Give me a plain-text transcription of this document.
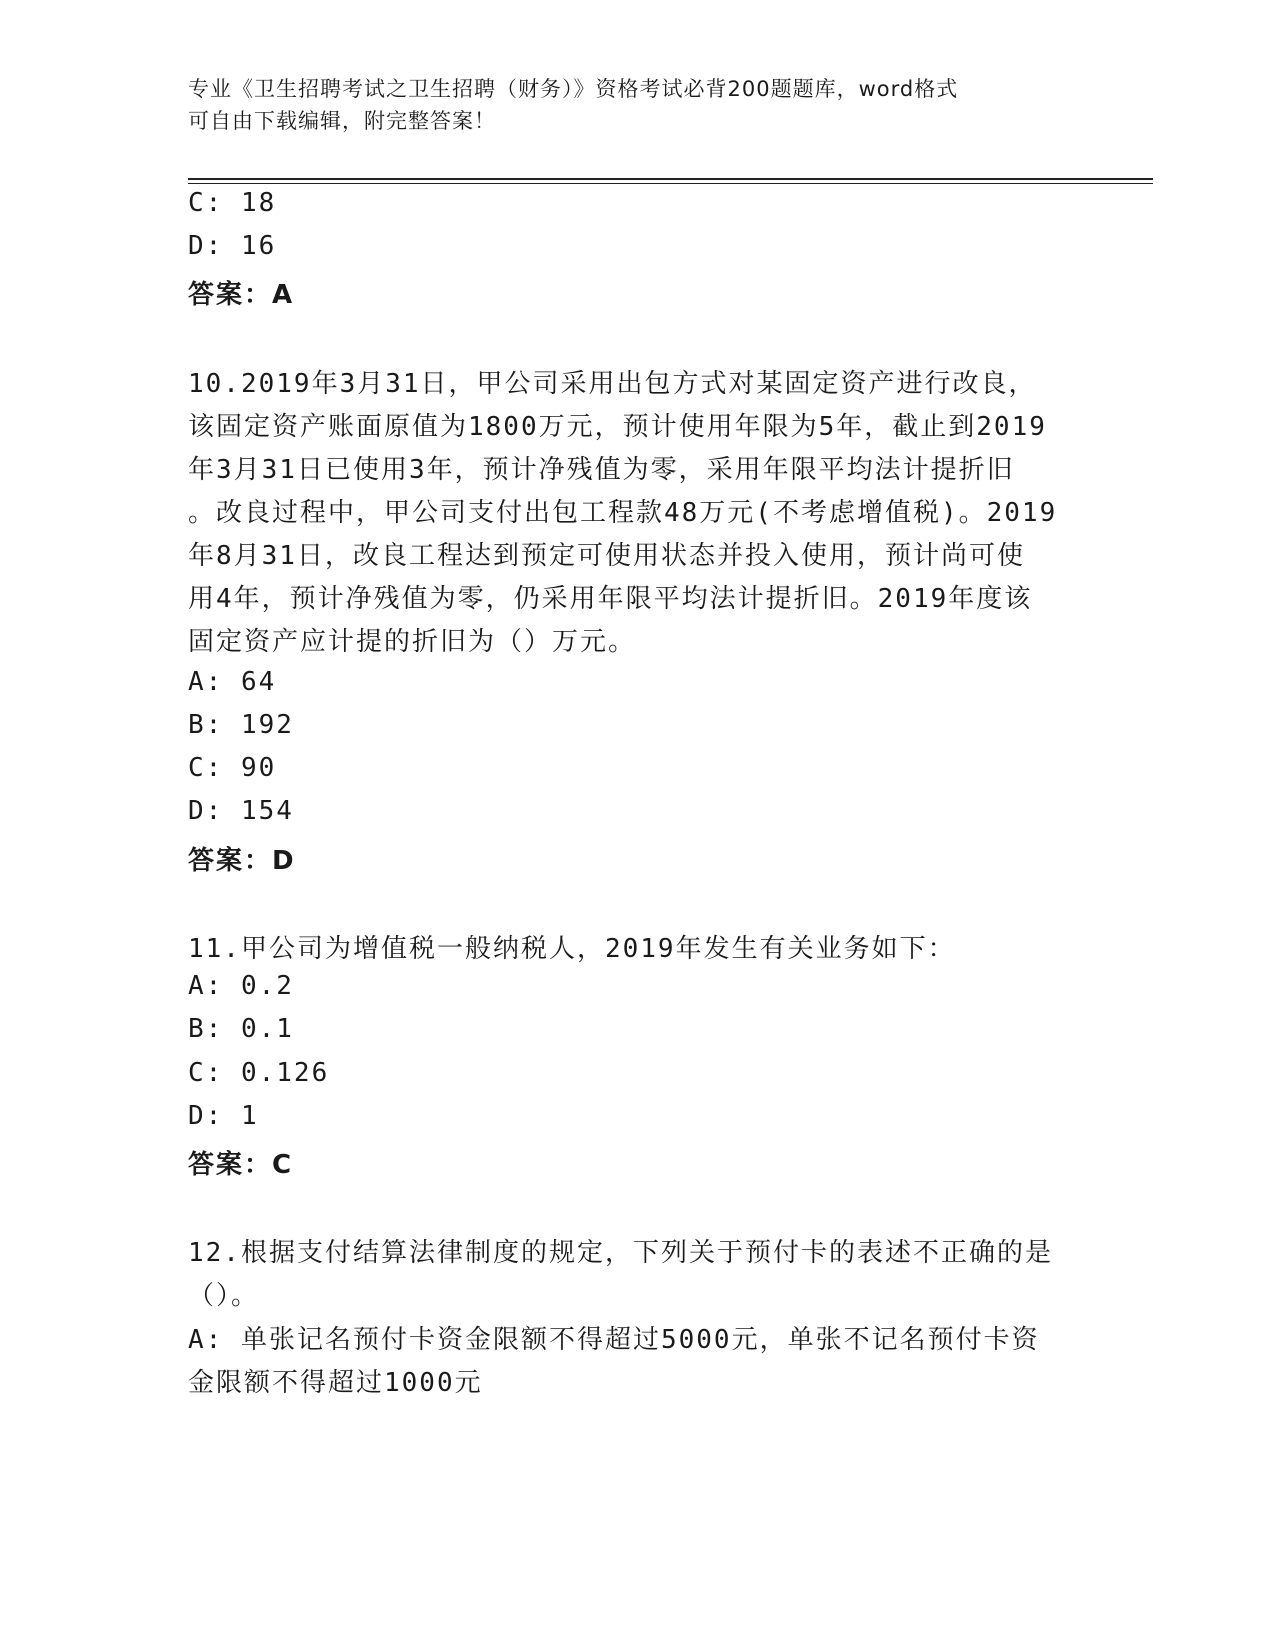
专业《卫生招聘考试之卫生招聘（财务）》资格考试必背200题题库，word格式
可自由下载编辑，附完整答案！
C: 18
D: 16
答案：A
10.2019年3月31日，甲公司采用出包方式对某固定资产进行改良，
该固定资产账面原值为1800万元，预计使用年限为5年，截止到2019
年3月31日已使用3年，预计净残值为零，采用年限平均法计提折旧
。改良过程中，甲公司支付出包工程款48万元(不考虑增值税)。2019
年8月31日，改良工程达到预定可使用状态并投入使用，预计尚可使
用4年，预计净残值为零，仍采用年限平均法计提折旧。2019年度该
固定资产应计提的折旧为（）万元。
A: 64
B: 192
C: 90
D: 154
答案：D
11.甲公司为增值税一般纳税人，2019年发生有关业务如下：
A: 0.2
B: 0.1
C: 0.126
D: 1
答案：C
12.根据支付结算法律制度的规定，下列关于预付卡的表述不正确的是
（）。
A: 单张记名预付卡资金限额不得超过5000元，单张不记名预付卡资
金限额不得超过1000元
